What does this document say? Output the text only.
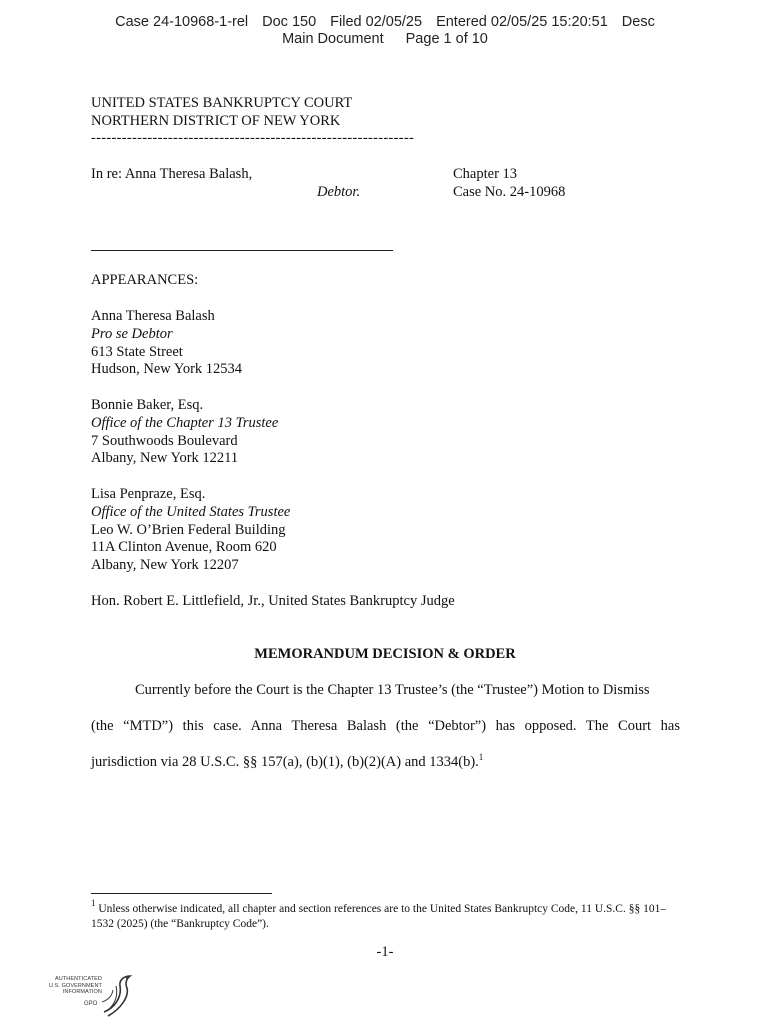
Case 24-10968-1-rel Doc 150 Filed 02/05/25 Entered 02/05/25 15:20:51 Desc
Main Document Page 1 of 10
UNITED STATES BANKRUPTCY COURT
NORTHERN DISTRICT OF NEW YORK
---------------------------------------------------------------
In re: Anna Theresa Balash,
Debtor.
Chapter 13
Case No. 24-10968
APPEARANCES:
Anna Theresa Balash
Pro se Debtor
613 State Street
Hudson, New York 12534
Bonnie Baker, Esq.
Office of the Chapter 13 Trustee
7 Southwoods Boulevard
Albany, New York 12211
Lisa Penpraze, Esq.
Office of the United States Trustee
Leo W. O’Brien Federal Building
11A Clinton Avenue, Room 620
Albany, New York 12207
Hon. Robert E. Littlefield, Jr., United States Bankruptcy Judge
MEMORANDUM DECISION & ORDER
Currently before the Court is the Chapter 13 Trustee’s (the “Trustee”) Motion to Dismiss
(the “MTD”) this case. Anna Theresa Balash (the “Debtor”) has opposed. The Court has
jurisdiction via 28 U.S.C. §§ 157(a), (b)(1), (b)(2)(A) and 1334(b).$^1$
$^1$ Unless otherwise indicated, all chapter and section references are to the United States Bankruptcy Code, 11 U.S.C. §§ 101–1532 (2025) (the “Bankruptcy Code”).
-1-
AUTHENTICATED
U.S. GOVERNMENT
INFORMATION
GPO
